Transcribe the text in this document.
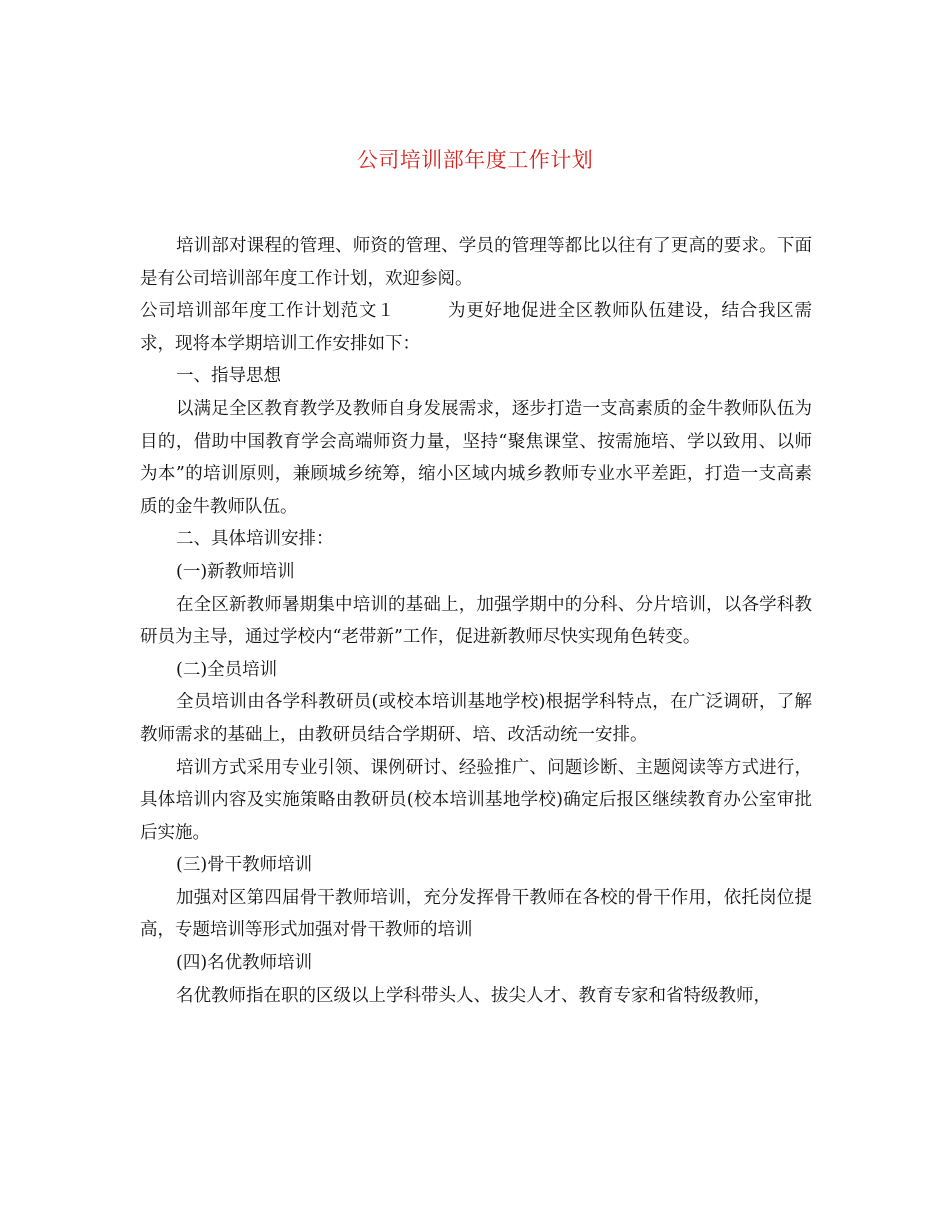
公司培训部年度工作计划

培训部对课程的管理、师资的管理、学员的管理等都比以往有了更高的要求。下面是有公司培训部年度工作计划，欢迎参阅。

公司培训部年度工作计划范文１	为更好地促进全区教师队伍建设，结合我区需求，现将本学期培训工作安排如下：

一、指导思想

以满足全区教育教学及教师自身发展需求，逐步打造一支高素质的金牛教师队伍为目的，借助中国教育学会高端师资力量，坚持“聚焦课堂、按需施培、学以致用、以师为本”的培训原则，兼顾城乡统筹，缩小区域内城乡教师专业水平差距，打造一支高素质的金牛教师队伍。

二、具体培训安排：

(一)新教师培训

在全区新教师暑期集中培训的基础上，加强学期中的分科、分片培训，以各学科教研员为主导，通过学校内“老带新”工作，促进新教师尽快实现角色转变。

(二)全员培训

全员培训由各学科教研员(或校本培训基地学校)根据学科特点，在广泛调研，了解教师需求的基础上，由教研员结合学期研、培、改活动统一安排。

培训方式采用专业引领、课例研讨、经验推广、问题诊断、主题阅读等方式进行，具体培训内容及实施策略由教研员(校本培训基地学校)确定后报区继续教育办公室审批后实施。

(三)骨干教师培训

加强对区第四届骨干教师培训，充分发挥骨干教师在各校的骨干作用，依托岗位提高，专题培训等形式加强对骨干教师的培训

(四)名优教师培训

名优教师指在职的区级以上学科带头人、拔尖人才、教育专家和省特级教师，
